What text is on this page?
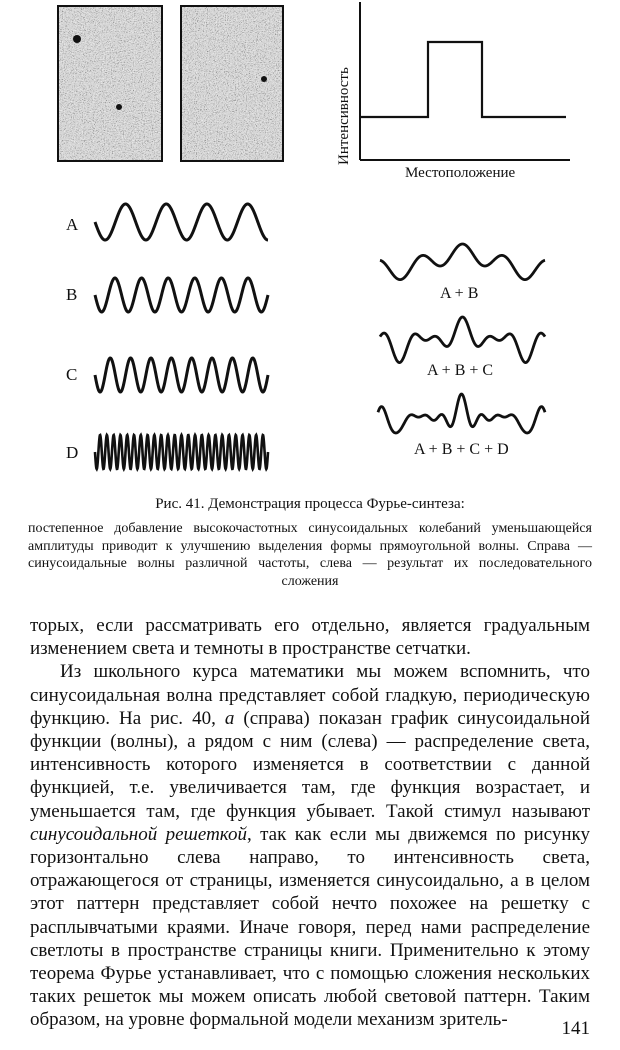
Интенсивность
Местоположение
A
B
C
D
A + B
A + B + C
A + B + C + D
Рис. 41. Демонстрация процесса Фурье-синтеза:
постепенное добавление высокочастотных синусоидальных колебаний уменьшающейся амплитуды приводит к улучшению выделения формы прямоугольной волны. Справа — синусоидальные волны различной частоты, слева — результат их последовательного сложения

торых, если рассматривать его отдельно, является градуальным изменением света и темноты в пространстве сетчатки.

Из школьного курса математики мы можем вспомнить, что синусоидальная волна представляет собой гладкую, периодическую функцию. На рис. 40, а (справа) показан график синусоидальной функции (волны), а рядом с ним (слева) — распределение света, интенсивность которого изменяется в соответствии с данной функцией, т.е. увеличивается там, где функция возрастает, и уменьшается там, где функция убывает. Такой стимул называют синусоидальной решеткой, так как если мы движемся по рисунку горизонтально слева направо, то интенсивность света, отражающегося от страницы, изменяется синусоидально, а в целом этот паттерн представляет собой нечто похожее на решетку с расплывчатыми краями. Иначе говоря, перед нами распределение светлоты в пространстве страницы книги. Применительно к этому теорема Фурье устанавливает, что с помощью сложения нескольких таких решеток мы можем описать любой световой паттерн. Таким образом, на уровне формальной модели механизм зритель-	141
